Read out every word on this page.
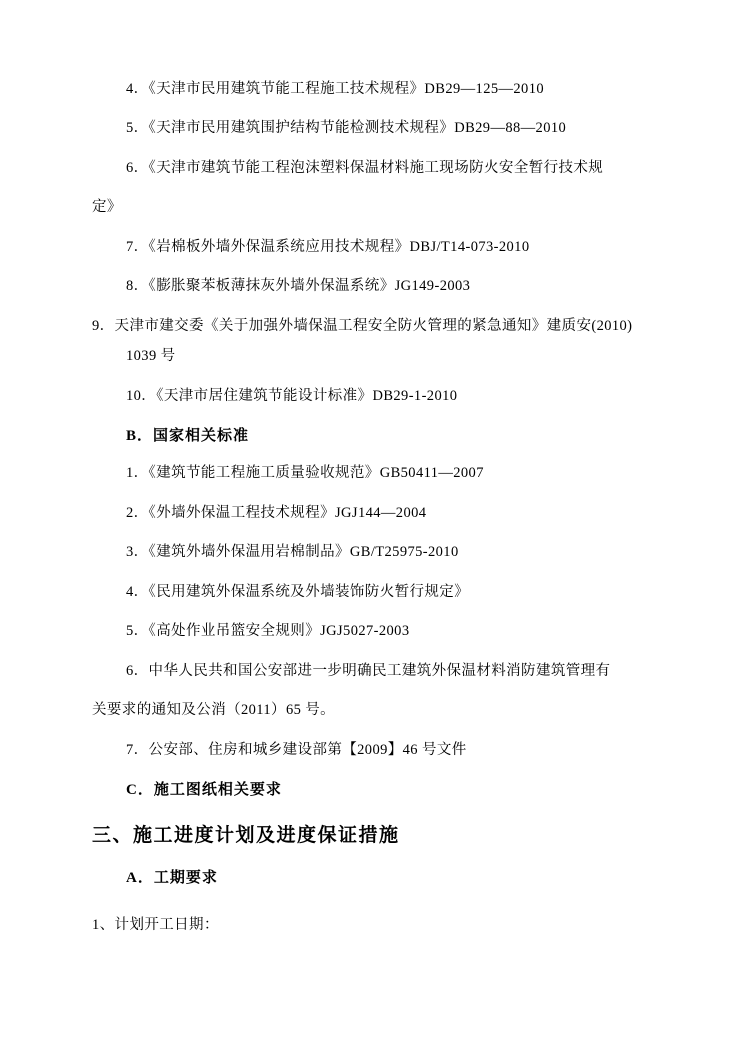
4．《天津市民用建筑节能工程施工技术规程》DB29—125—2010

5．《天津市民用建筑围护结构节能检测技术规程》DB29—88—2010

6．《天津市建筑节能工程泡沫塑料保温材料施工现场防火安全暂行技术规

定》

7．《岩棉板外墙外保温系统应用技术规程》DBJ/T14-073-2010

8．《膨胀聚苯板薄抹灰外墙外保温系统》JG149-2003

9．天津市建交委《关于加强外墙保温工程安全防火管理的紧急通知》建质安(2010)

1039 号

10．《天津市居住建筑节能设计标准》DB29-1-2010

B．国家相关标准

1．《建筑节能工程施工质量验收规范》GB50411—2007

2．《外墙外保温工程技术规程》JGJ144—2004

3．《建筑外墙外保温用岩棉制品》GB/T25975-2010

4．《民用建筑外保温系统及外墙装饰防火暂行规定》

5．《高处作业吊篮安全规则》JGJ5027-2003

6．中华人民共和国公安部进一步明确民工建筑外保温材料消防建筑管理有

关要求的通知及公消（2011）65 号。

7．公安部、住房和城乡建设部第【2009】46 号文件

C．施工图纸相关要求

三、施工进度计划及进度保证措施

A．工期要求

1、计划开工日期：
